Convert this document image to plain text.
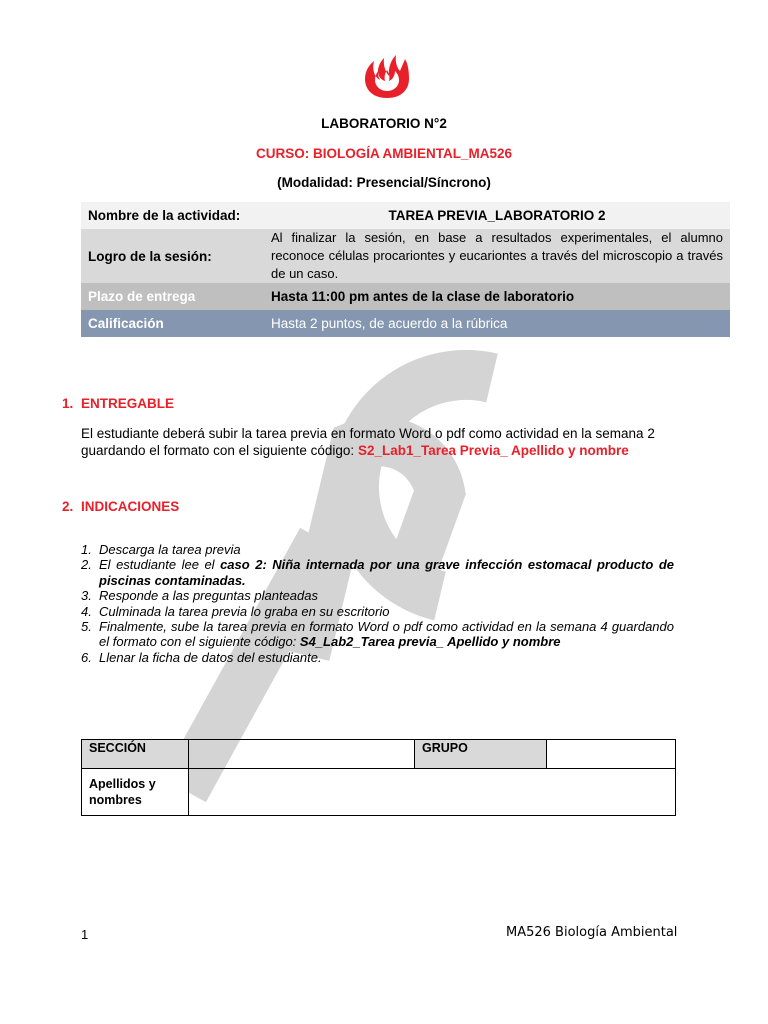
LABORATORIO N°2
CURSO: BIOLOGÍA AMBIENTAL_MA526
(Modalidad: Presencial/Síncrono)
Nombre de la actividad:	TAREA PREVIA_LABORATORIO 2
Logro de la sesión:	Al finalizar la sesión, en base a resultados experimentales, el alumno reconoce células procariontes y eucariontes a través del microscopio a través de un caso.
Plazo de entrega	Hasta 11:00 pm antes de la clase de laboratorio
Calificación	Hasta 2 puntos, de acuerdo a la rúbrica
1. ENTREGABLE
El estudiante deberá subir la tarea previa en formato Word o pdf como actividad en la semana 2 guardando el formato con el siguiente código: S2_Lab1_Tarea Previa_ Apellido y nombre
2. INDICACIONES
1. Descarga la tarea previa
2. El estudiante lee el caso 2: Niña internada por una grave infección estomacal producto de piscinas contaminadas.
3. Responde a las preguntas planteadas
4. Culminada la tarea previa lo graba en su escritorio
5. Finalmente, sube la tarea previa en formato Word o pdf como actividad en la semana 4 guardando el formato con el siguiente código: S4_Lab2_Tarea previa_ Apellido y nombre
6. Llenar la ficha de datos del estudiante.
SECCIÓN		GRUPO	
Apellidos y nombres			
1	MA526 Biología Ambiental
